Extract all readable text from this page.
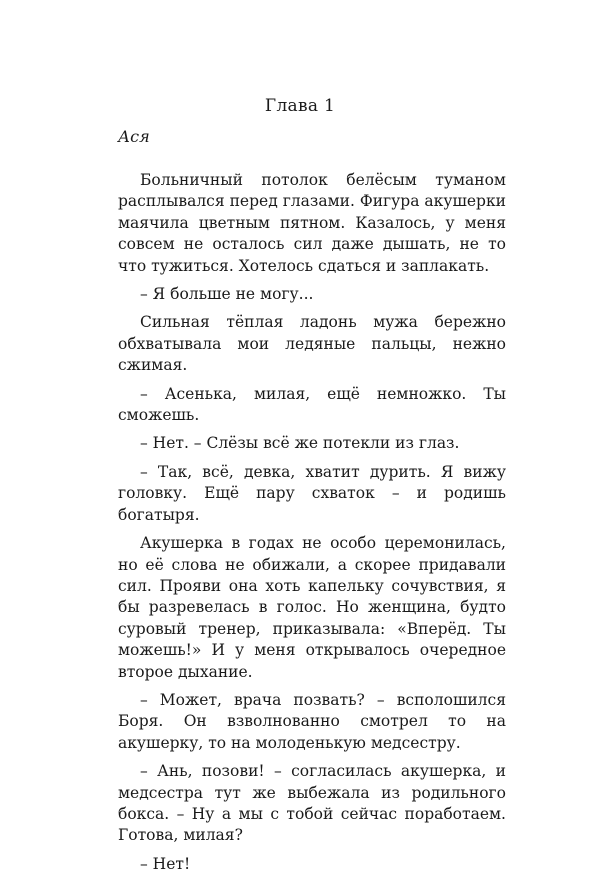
Глава 1
Ася

Больничный потолок белёсым туманом расплывался перед глазами. Фигура акушерки маячила цветным пятном. Казалось, у меня совсем не осталось сил даже дышать, не то что тужиться. Хотелось сдаться и заплакать.

– Я больше не могу...

Сильная тёплая ладонь мужа бережно обхватывала мои ледяные пальцы, нежно сжимая.

– Асенька, милая, ещё немножко. Ты сможешь.

– Нет. – Слёзы всё же потекли из глаз.

– Так, всё, девка, хватит дурить. Я вижу головку. Ещё пару схваток – и родишь богатыря.

Акушерка в годах не особо церемонилась, но её слова не обижали, а скорее придавали сил. Прояви она хоть капельку сочувствия, я бы разревелась в голос. Но женщина, будто суровый тренер, приказывала: «Вперёд. Ты можешь!» И у меня открывалось очередное второе дыхание.

– Может, врача позвать? – всполошился Боря. Он взволнованно смотрел то на акушерку, то на молоденькую медсестру.

– Ань, позови! – согласилась акушерка, и медсестра тут же выбежала из родильного бокса. – Ну а мы с тобой сейчас поработаем. Готова, милая?

– Нет!
